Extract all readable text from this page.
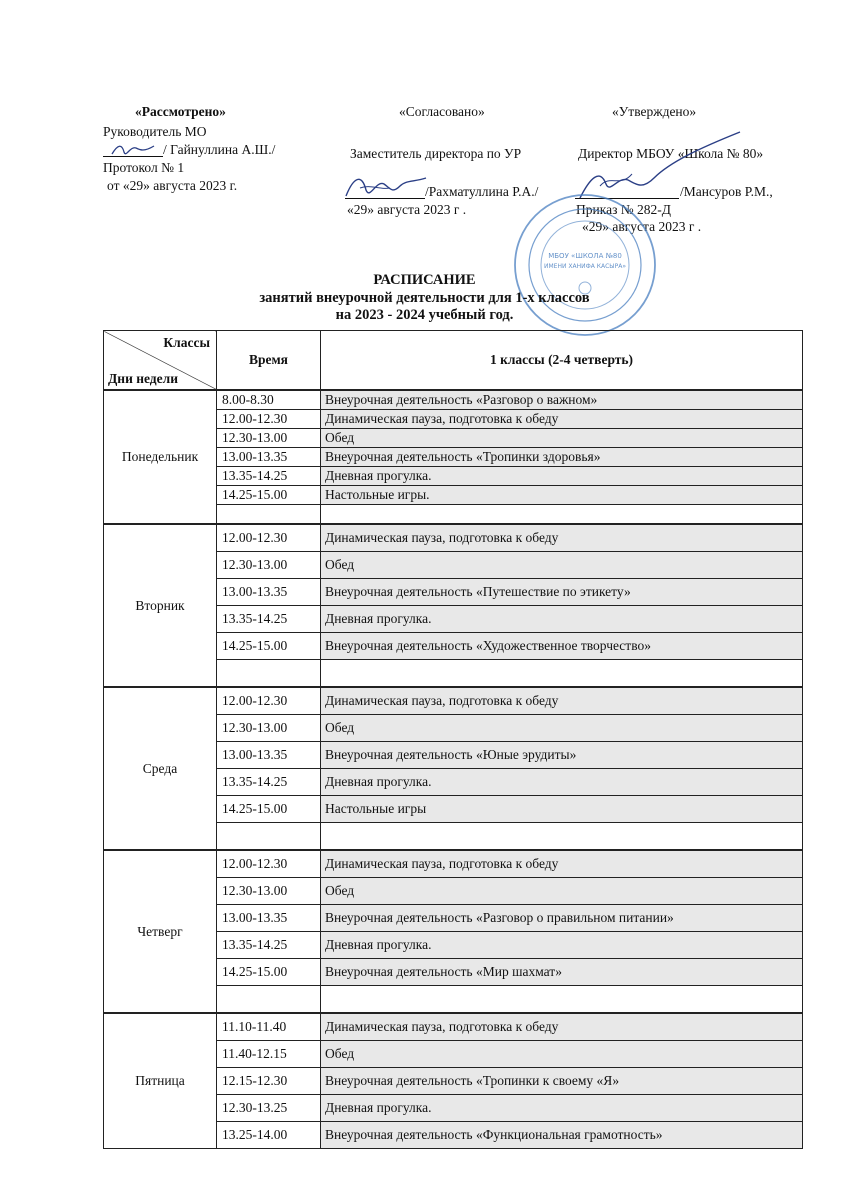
«Рассмотрено»
Руководитель МО
/ Гайнуллина А.Ш./
Протокол № 1
от «29» августа 2023 г.
«Согласовано»
Заместитель директора по УР
/Рахматуллина Р.А./
«29» августа 2023 г .
«Утверждено»
Директор МБОУ «Школа № 80»
/Мансуров Р.М.,
Приказ № 282-Д
«29» августа 2023 г .
МБОУ «ШКОЛА №80
ИМЕНИ ХАНИФА КАСЫРА»
РАСПИСАНИЕ
занятий внеурочной деятельности для 1-х классов
на 2023 - 2024 учебный год.
Классы
Дни недели	Время	1 классы (2-4 четверть)
Понедельник	8.00-8.30	Внеурочная деятельность «Разговор о важном»
	12.00-12.30	Динамическая пауза, подготовка к обеду
	12.30-13.00	Обед
	13.00-13.35	Внеурочная деятельность «Тропинки здоровья»
	13.35-14.25	Дневная прогулка.
	14.25-15.00	Настольные игры.

Вторник	12.00-12.30	Динамическая пауза, подготовка к обеду
	12.30-13.00	Обед
	13.00-13.35	Внеурочная деятельность «Путешествие по этикету»
	13.35-14.25	Дневная прогулка.
	14.25-15.00	Внеурочная деятельность «Художественное творчество»

Среда	12.00-12.30	Динамическая пауза, подготовка к обеду
	12.30-13.00	Обед
	13.00-13.35	Внеурочная деятельность «Юные эрудиты»
	13.35-14.25	Дневная прогулка.
	14.25-15.00	Настольные игры

Четверг	12.00-12.30	Динамическая пауза, подготовка к обеду
	12.30-13.00	Обед
	13.00-13.35	Внеурочная деятельность «Разговор о правильном питании»
	13.35-14.25	Дневная прогулка.
	14.25-15.00	Внеурочная деятельность «Мир шахмат»

Пятница	11.10-11.40	Динамическая пауза, подготовка к обеду
	11.40-12.15	Обед
	12.15-12.30	Внеурочная деятельность «Тропинки к своему «Я»
	12.30-13.25	Дневная прогулка.
	13.25-14.00	Внеурочная деятельность «Функциональная грамотность»
